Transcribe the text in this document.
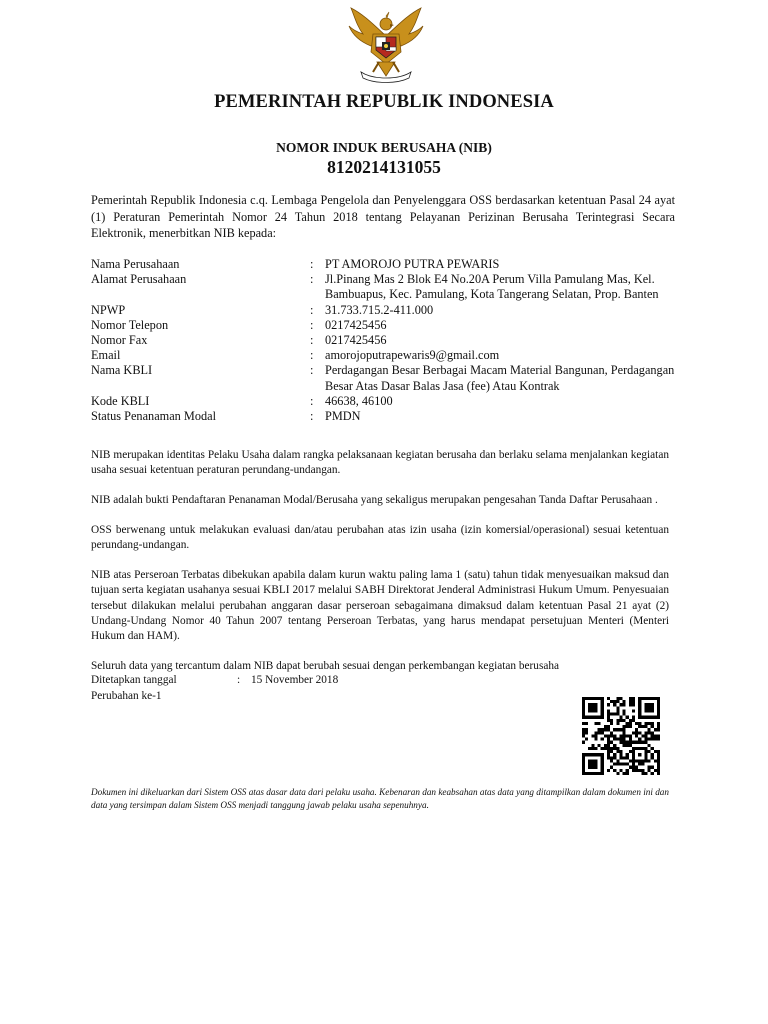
PEMERINTAH REPUBLIK INDONESIA
NOMOR INDUK BERUSAHA (NIB)
8120214131055
Pemerintah Republik Indonesia c.q. Lembaga Pengelola dan Penyelenggara OSS berdasarkan ketentuan Pasal 24 ayat (1) Peraturan Pemerintah Nomor 24 Tahun 2018 tentang Pelayanan Perizinan Berusaha Terintegrasi Secara Elektronik, menerbitkan NIB kepada:
Nama Perusahaan	: PT AMOROJO PUTRA PEWARIS
Alamat Perusahaan	: Jl.Pinang Mas 2 Blok E4 No.20A Perum Villa Pamulang Mas, Kel. Bambuapus, Kec. Pamulang, Kota Tangerang Selatan, Prop. Banten
NPWP	: 31.733.715.2-411.000
Nomor Telepon	: 0217425456
Nomor Fax	: 0217425456
Email	: amorojoputrapewaris9@gmail.com
Nama KBLI	: Perdagangan Besar Berbagai Macam Material Bangunan, Perdagangan Besar Atas Dasar Balas Jasa (fee) Atau Kontrak
Kode KBLI	: 46638, 46100
Status Penanaman Modal	: PMDN

NIB merupakan identitas Pelaku Usaha dalam rangka pelaksanaan kegiatan berusaha dan berlaku selama menjalankan kegiatan usaha sesuai ketentuan peraturan perundang-undangan.

NIB adalah bukti Pendaftaran Penanaman Modal/Berusaha yang sekaligus merupakan pengesahan Tanda Daftar Perusahaan .

OSS berwenang untuk melakukan evaluasi dan/atau perubahan atas izin usaha (izin komersial/operasional) sesuai ketentuan perundang-undangan.

NIB atas Perseroan Terbatas dibekukan apabila dalam kurun waktu paling lama 1 (satu) tahun tidak menyesuaikan maksud dan tujuan serta kegiatan usahanya sesuai KBLI 2017 melalui SABH Direktorat Jenderal Administrasi Hukum Umum. Penyesuaian tersebut dilakukan melalui perubahan anggaran dasar perseroan sebagaimana dimaksud dalam ketentuan Pasal 21 ayat (2) Undang-Undang Nomor 40 Tahun 2007 tentang Perseroan Terbatas, yang harus mendapat persetujuan Menteri (Menteri Hukum dan HAM).

Seluruh data yang tercantum dalam NIB dapat berubah sesuai dengan perkembangan kegiatan berusaha

Ditetapkan tanggal	: 15 November 2018
Perubahan ke-1
Dokumen ini dikeluarkan dari Sistem OSS atas dasar data dari pelaku usaha. Kebenaran dan keabsahan atas data yang ditampilkan dalam dokumen ini dan data yang tersimpan dalam Sistem OSS menjadi tanggung jawab pelaku usaha sepenuhnya.
